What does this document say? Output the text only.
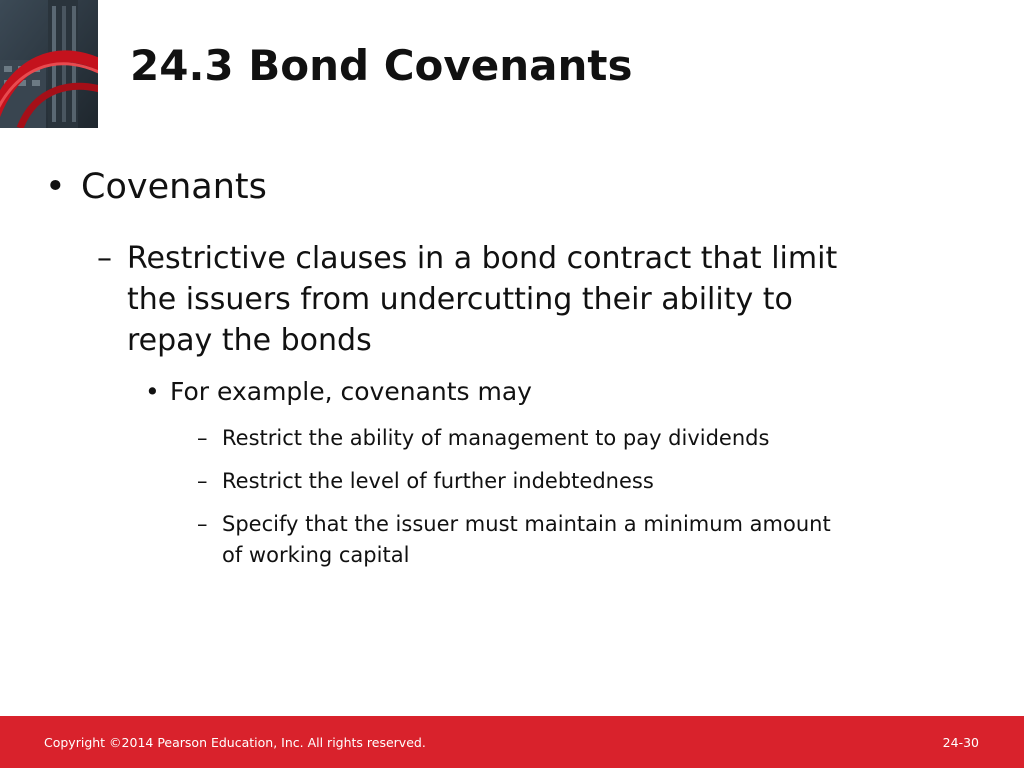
24.3 Bond Covenants
• Covenants
– Restrictive clauses in a bond contract that limit
the issuers from undercutting their ability to
repay the bonds
• For example, covenants may
– Restrict the ability of management to pay dividends
– Restrict the level of further indebtedness
– Specify that the issuer must maintain a minimum amount
of working capital
Copyright ©2014 Pearson Education, Inc. All rights reserved.	24-30
